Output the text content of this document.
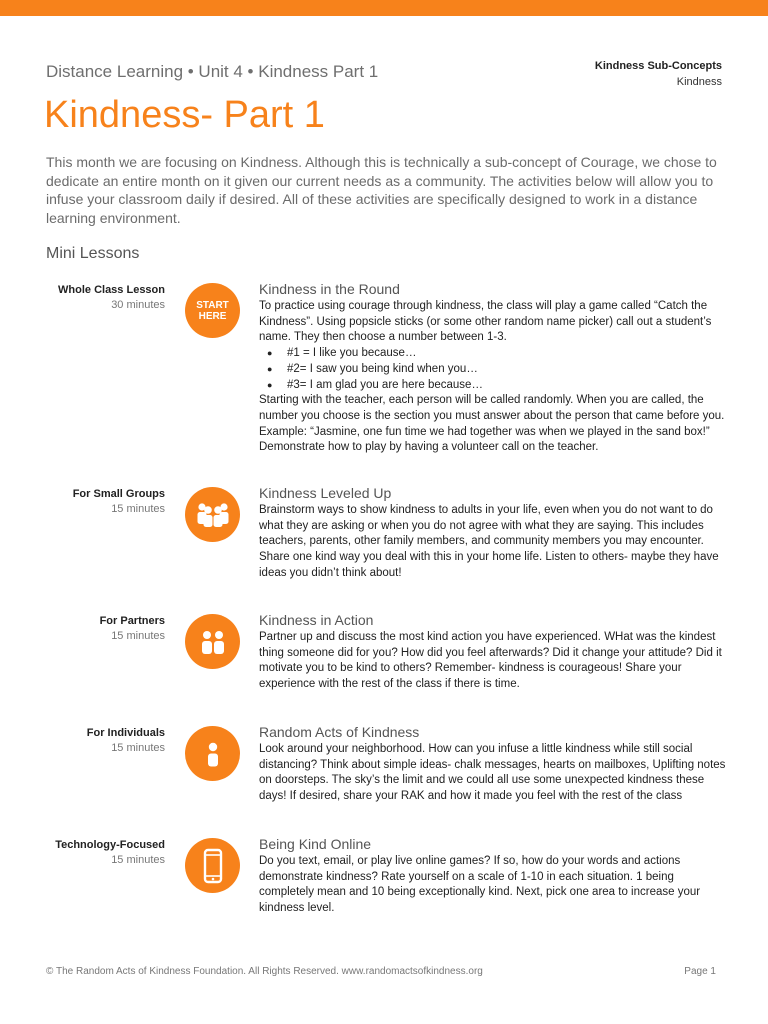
Distance Learning • Unit 4 • Kindness Part 1	Kindness Sub-Concepts
Kindness
Kindness- Part 1

This month we are focusing on Kindness. Although this is technically a sub-concept of Courage, we chose to dedicate an entire month on it given our current needs as a community. The activities below will allow you to infuse your classroom daily if desired. All of these activities are specifically designed to work in a distance learning environment.

Mini Lessons
Whole Class Lesson
30 minutes	START
HERE
Kindness in the Round

To practice using courage through kindness, the class will play a game called “Catch the Kindness”. Using popsicle sticks (or some other random name picker) call out a student’s name. They then choose a number between 1-3.

● #1 = I like you because…
● #2= I saw you being kind when you…
● #3= I am glad you are here because…

Starting with the teacher, each person will be called randomly. When you are called, the number you choose is the section you must answer about the person that came before you. Example: “Jasmine, one fun time we had together was when we played in the sand box!” Demonstrate how to play by having a volunteer call on the teacher.

For Small Groups
15 minutes
Kindness Leveled Up

Brainstorm ways to show kindness to adults in your life, even when you do not want to do what they are asking or when you do not agree with what they are saying. This includes teachers, parents, other family members, and community members you may encounter. Share one kind way you deal with this in your home life. Listen to others- maybe they have ideas you didn’t think about!

For Partners
15 minutes
Kindness in Action

Partner up and discuss the most kind action you have experienced. WHat was the kindest thing someone did for you? How did you feel afterwards? Did it change your attitude? Did it motivate you to be kind to others? Remember- kindness is courageous! Share your experience with the rest of the class if there is time.

For Individuals
15 minutes
Random Acts of Kindness

Look around your neighborhood. How can you infuse a little kindness while still social distancing? Think about simple ideas- chalk messages, hearts on mailboxes, Uplifting notes on doorsteps. The sky’s the limit and we could all use some unexpected kindness these days! If desired, share your RAK and how it made you feel with the rest of the class

Technology-Focused
15 minutes
Being Kind Online

Do you text, email, or play live online games? If so, how do your words and actions demonstrate kindness? Rate yourself on a scale of 1-10 in each situation. 1 being completely mean and 10 being exceptionally kind. Next, pick one area to increase your kindness level.

© The Random Acts of Kindness Foundation. All Rights Reserved. www.randomactsofkindness.org	Page 1
